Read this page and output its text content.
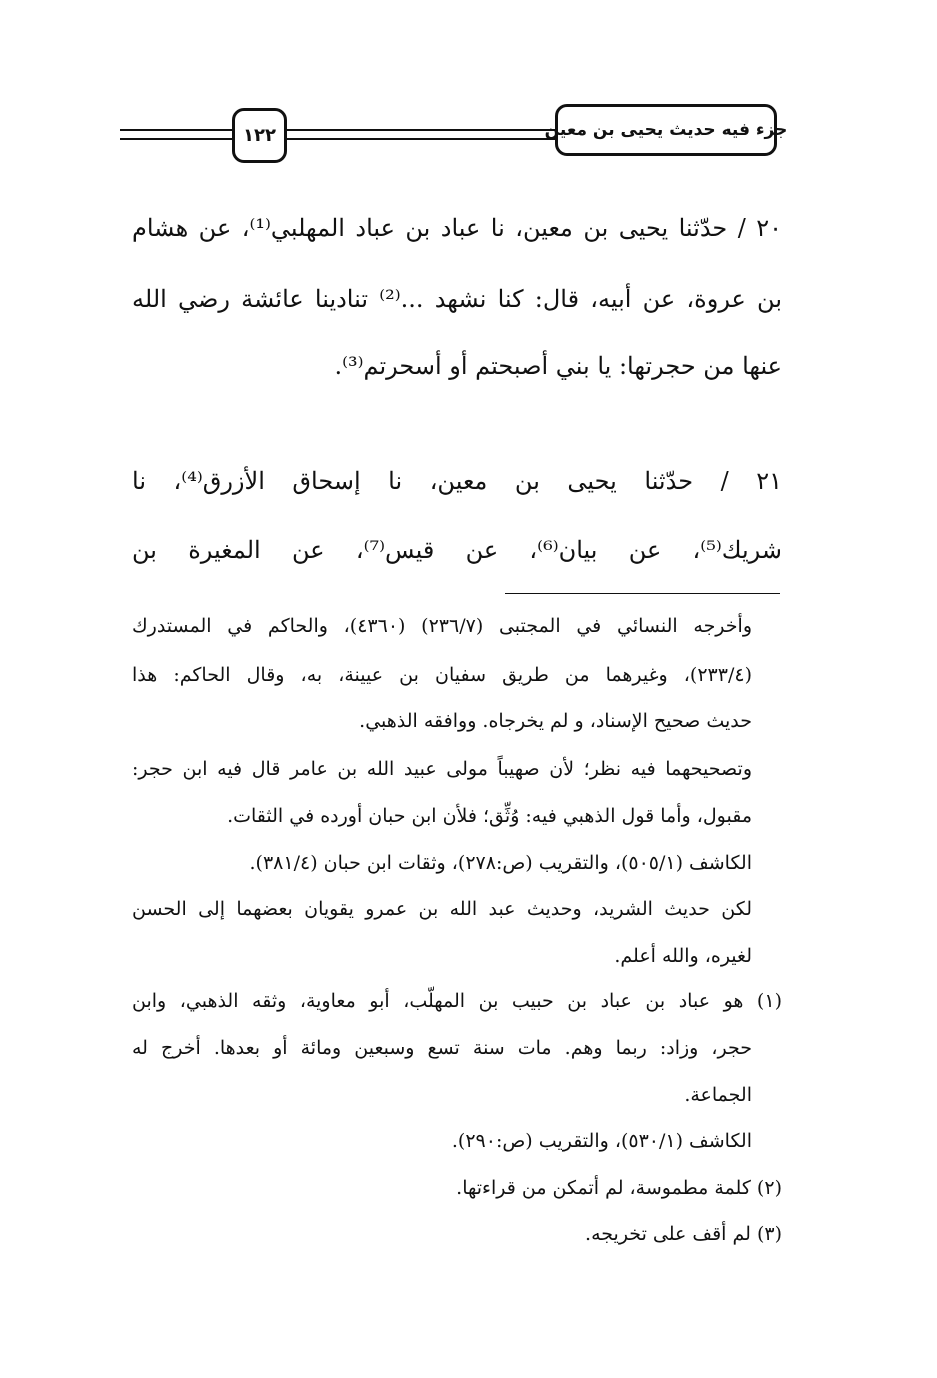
١٢٢	جزء فيه حديث يحيى بن معين
٢٠ / حدّثنا يحيى بن معين، نا عباد بن عباد المهلبي⁽¹⁾، عن هشام
بن عروة، عن أبيه، قال: كنا نشهد ...⁽²⁾ تنادينا عائشة رضي الله
عنها من حجرتها: يا بني أصبحتم أو أسحرتم⁽³⁾.
٢١ / حدّثنا يحيى بن معين، نا إسحاق الأزرق⁽⁴⁾، نا
شريك⁽⁵⁾، عن بيان⁽⁶⁾، عن قيس⁽⁷⁾، عن المغيرة بن
وأخرجه النسائي في المجتبى (٢٣٦/٧) (٤٣٦٠)، والحاكم في المستدرك
(٢٣٣/٤)، وغيرهما من طريق سفيان بن عيينة، به، وقال الحاكم: هذا
حديث صحيح الإسناد، و لم يخرجاه. ووافقه الذهبي.
وتصحيحهما فيه نظر؛ لأن صهيباً مولى عبيد الله بن عامر قال فيه ابن حجر:
مقبول، وأما قول الذهبي فيه: وُثِّق؛ فلأن ابن حبان أورده في الثقات.
الكاشف (٥٠٥/١)، والتقريب (ص:٢٧٨)، وثقات ابن حبان (٣٨١/٤).
لكن حديث الشريد، وحديث عبد الله بن عمرو يقويان بعضهما إلى الحسن
لغيره، والله أعلم.
(١) هو عباد بن عباد بن حبيب بن المهلّب، أبو معاوية، وثقه الذهبي، وابن
حجر، وزاد: ربما وهم. مات سنة تسع وسبعين ومائة أو بعدها. أخرج له
الجماعة.
الكاشف (٥٣٠/١)، والتقريب (ص:٢٩٠).
(٢) كلمة مطموسة، لم أتمكن من قراءتها.
(٣) لم أقف على تخريجه.
